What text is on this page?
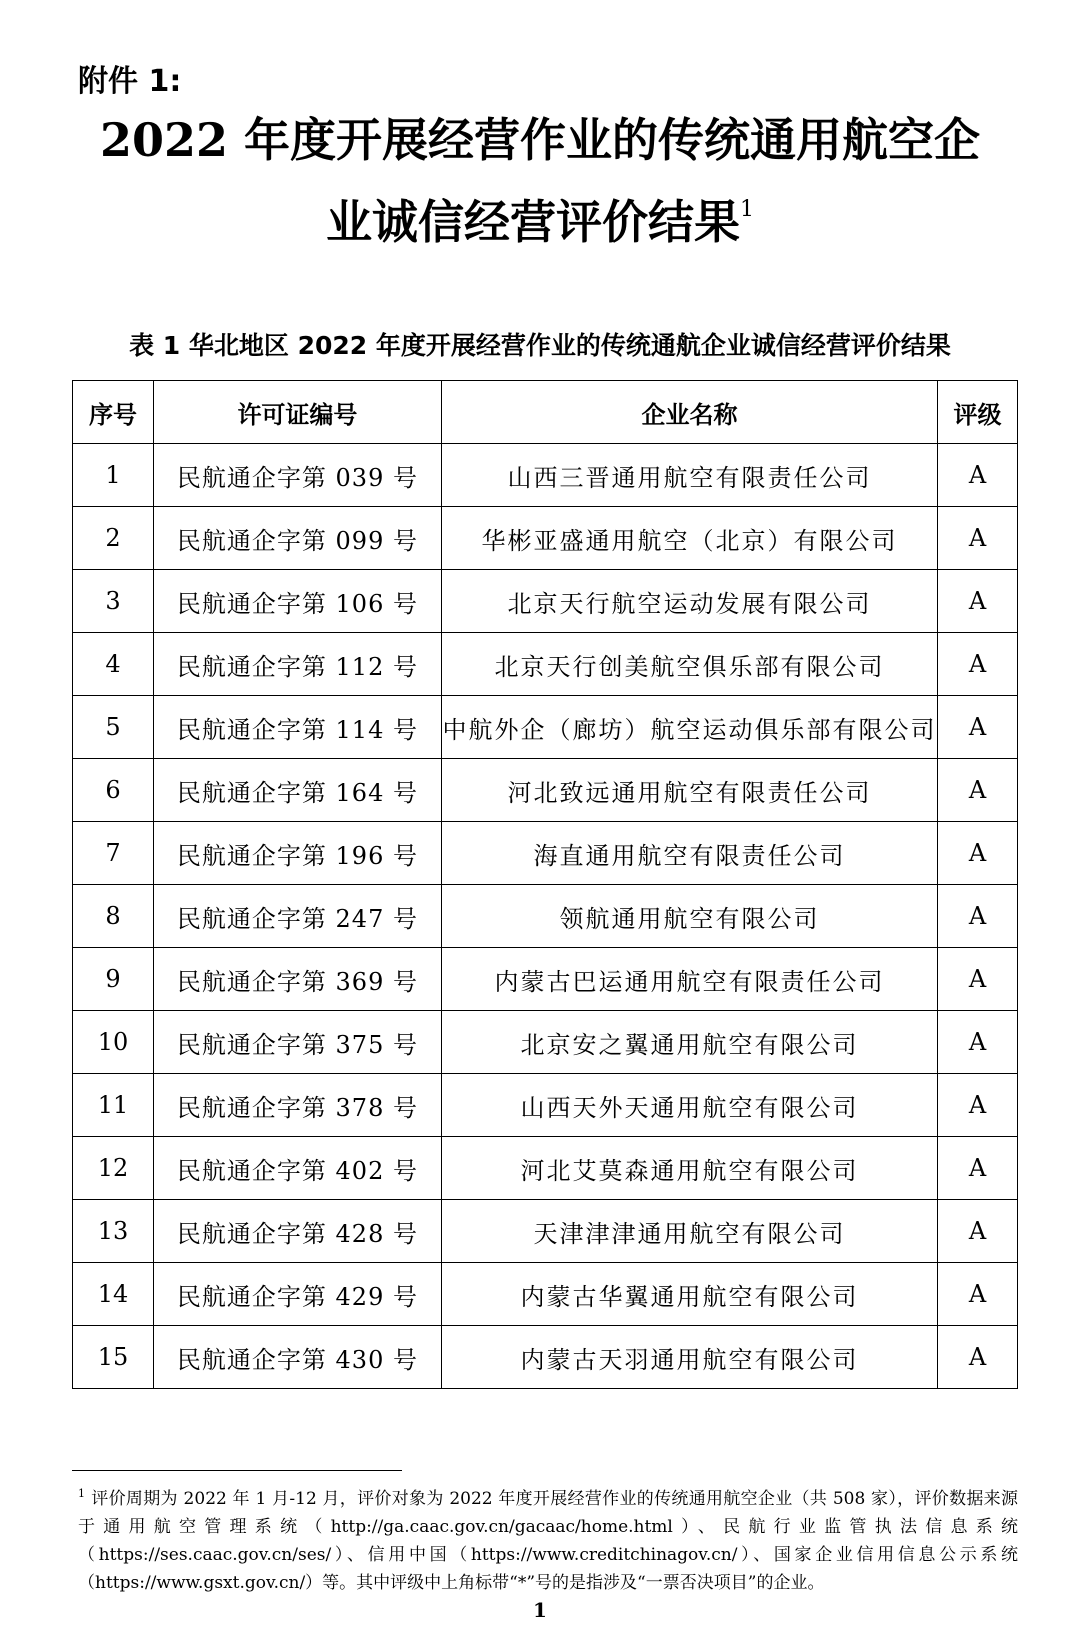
附件 1:
2022 年度开展经营作业的传统通用航空企
业诚信经营评价结果$^1$
表 1 华北地区 2022 年度开展经营作业的传统通航企业诚信经营评价结果
序号	许可证编号	企业名称	评级
1	民航通企字第 039 号	山西三晋通用航空有限责任公司	A
2	民航通企字第 099 号	华彬亚盛通用航空（北京）有限公司	A
3	民航通企字第 106 号	北京天行航空运动发展有限公司	A
4	民航通企字第 112 号	北京天行创美航空俱乐部有限公司	A
5	民航通企字第 114 号	中航外企（廊坊）航空运动俱乐部有限公司	A
6	民航通企字第 164 号	河北致远通用航空有限责任公司	A
7	民航通企字第 196 号	海直通用航空有限责任公司	A
8	民航通企字第 247 号	领航通用航空有限公司	A
9	民航通企字第 369 号	内蒙古巴运通用航空有限责任公司	A
10	民航通企字第 375 号	北京安之翼通用航空有限公司	A
11	民航通企字第 378 号	山西天外天通用航空有限公司	A
12	民航通企字第 402 号	河北艾莫森通用航空有限公司	A
13	民航通企字第 428 号	天津津津通用航空有限公司	A
14	民航通企字第 429 号	内蒙古华翼通用航空有限公司	A
15	民航通企字第 430 号	内蒙古天羽通用航空有限公司	A
$^1$ 评价周期为 2022 年 1 月-12 月，评价对象为 2022 年度开展经营作业的传统通用航空企业（共 508 家），评价数据来源于通用航空管理系统（http://ga.caac.gov.cn/gacaac/home.html）、民航行业监管执法信息系统（https://ses.caac.gov.cn/ses/）、信用中国（https://www.creditchinagov.cn/）、国家企业信用信息公示系统（https://www.gsxt.gov.cn/）等。其中评级中上角标带“*”号的是指涉及“一票否决项目”的企业。
1
